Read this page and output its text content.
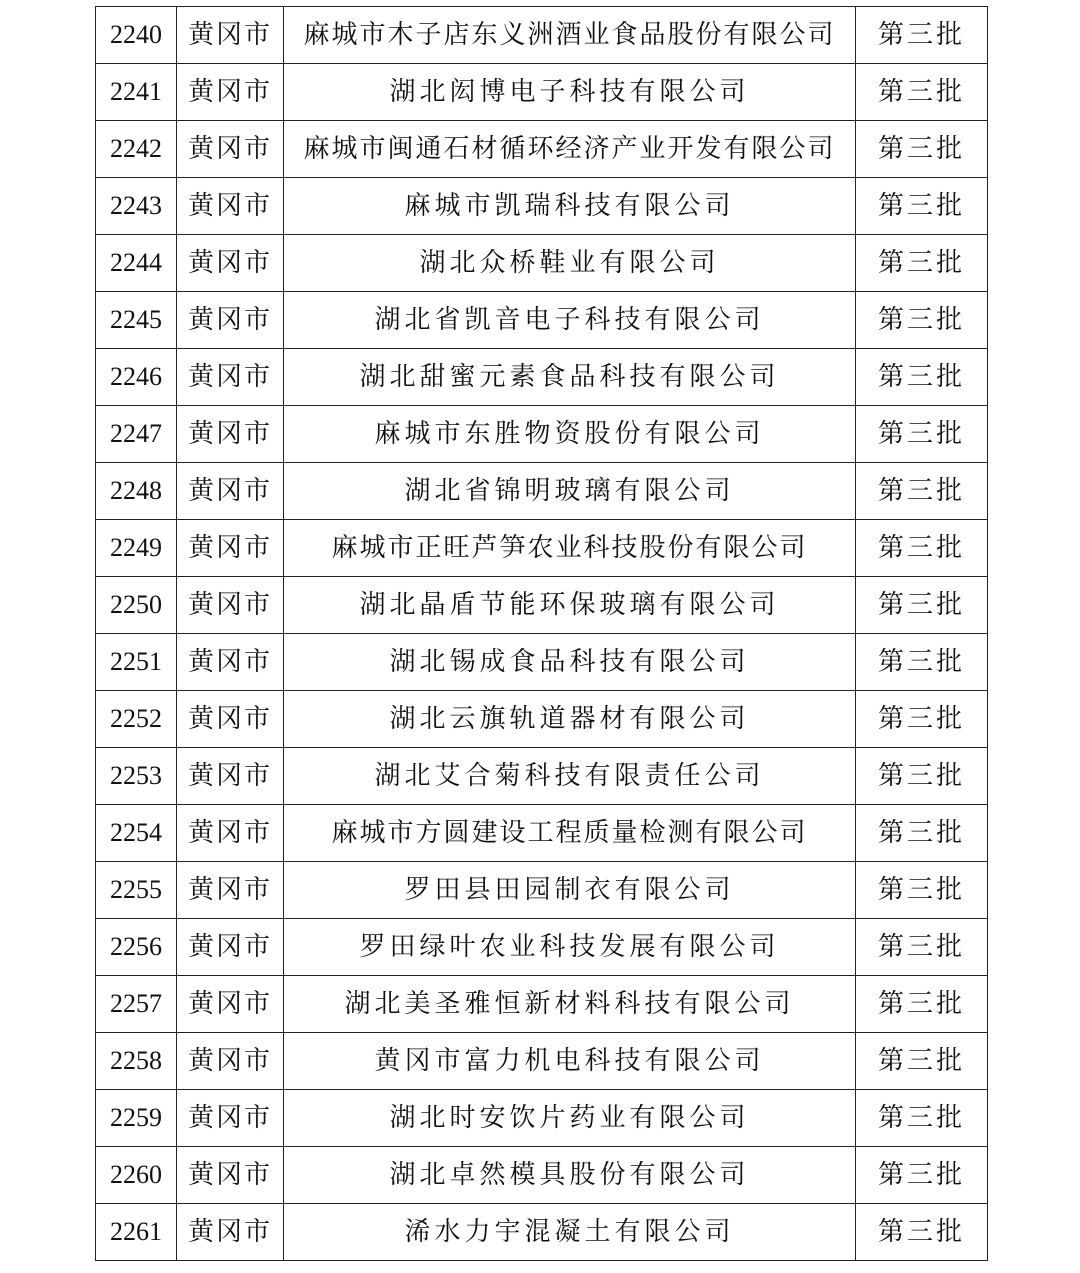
2240	黄冈市	麻城市木子店东义洲酒业食品股份有限公司	第三批
2241	黄冈市	湖北闳博电子科技有限公司	第三批
2242	黄冈市	麻城市闽通石材循环经济产业开发有限公司	第三批
2243	黄冈市	麻城市凯瑞科技有限公司	第三批
2244	黄冈市	湖北众桥鞋业有限公司	第三批
2245	黄冈市	湖北省凯音电子科技有限公司	第三批
2246	黄冈市	湖北甜蜜元素食品科技有限公司	第三批
2247	黄冈市	麻城市东胜物资股份有限公司	第三批
2248	黄冈市	湖北省锦明玻璃有限公司	第三批
2249	黄冈市	麻城市正旺芦笋农业科技股份有限公司	第三批
2250	黄冈市	湖北晶盾节能环保玻璃有限公司	第三批
2251	黄冈市	湖北锡成食品科技有限公司	第三批
2252	黄冈市	湖北云旗轨道器材有限公司	第三批
2253	黄冈市	湖北艾合菊科技有限责任公司	第三批
2254	黄冈市	麻城市方圆建设工程质量检测有限公司	第三批
2255	黄冈市	罗田县田园制衣有限公司	第三批
2256	黄冈市	罗田绿叶农业科技发展有限公司	第三批
2257	黄冈市	湖北美圣雅恒新材料科技有限公司	第三批
2258	黄冈市	黄冈市富力机电科技有限公司	第三批
2259	黄冈市	湖北时安饮片药业有限公司	第三批
2260	黄冈市	湖北卓然模具股份有限公司	第三批
2261	黄冈市	浠水力宇混凝土有限公司	第三批
